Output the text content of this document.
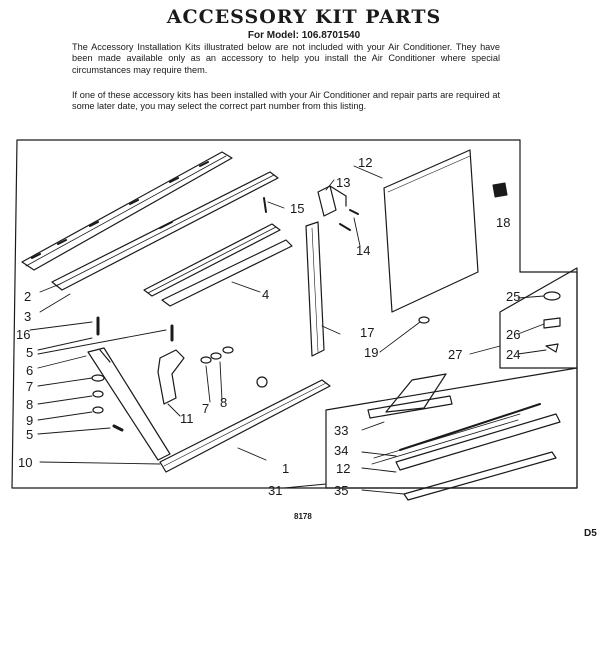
ACCESSORY KIT PARTS
For Model: 106.8701540
The Accessory Installation Kits illustrated below are not included with your Air Conditioner. They have been made available only as an accessory to help you install the Air Conditioner where special circumstances may require them.
If one of these accessory kits has been installed with your Air Conditioner and repair parts are required at some later date, you may select the correct part number from this listing.
2
3
16
5
6
7
8
9
5
10
11
7 8
1
4
15
12
13
14
18
17
19	27
25
26
24
33
34
12
35
31
8178
D5
